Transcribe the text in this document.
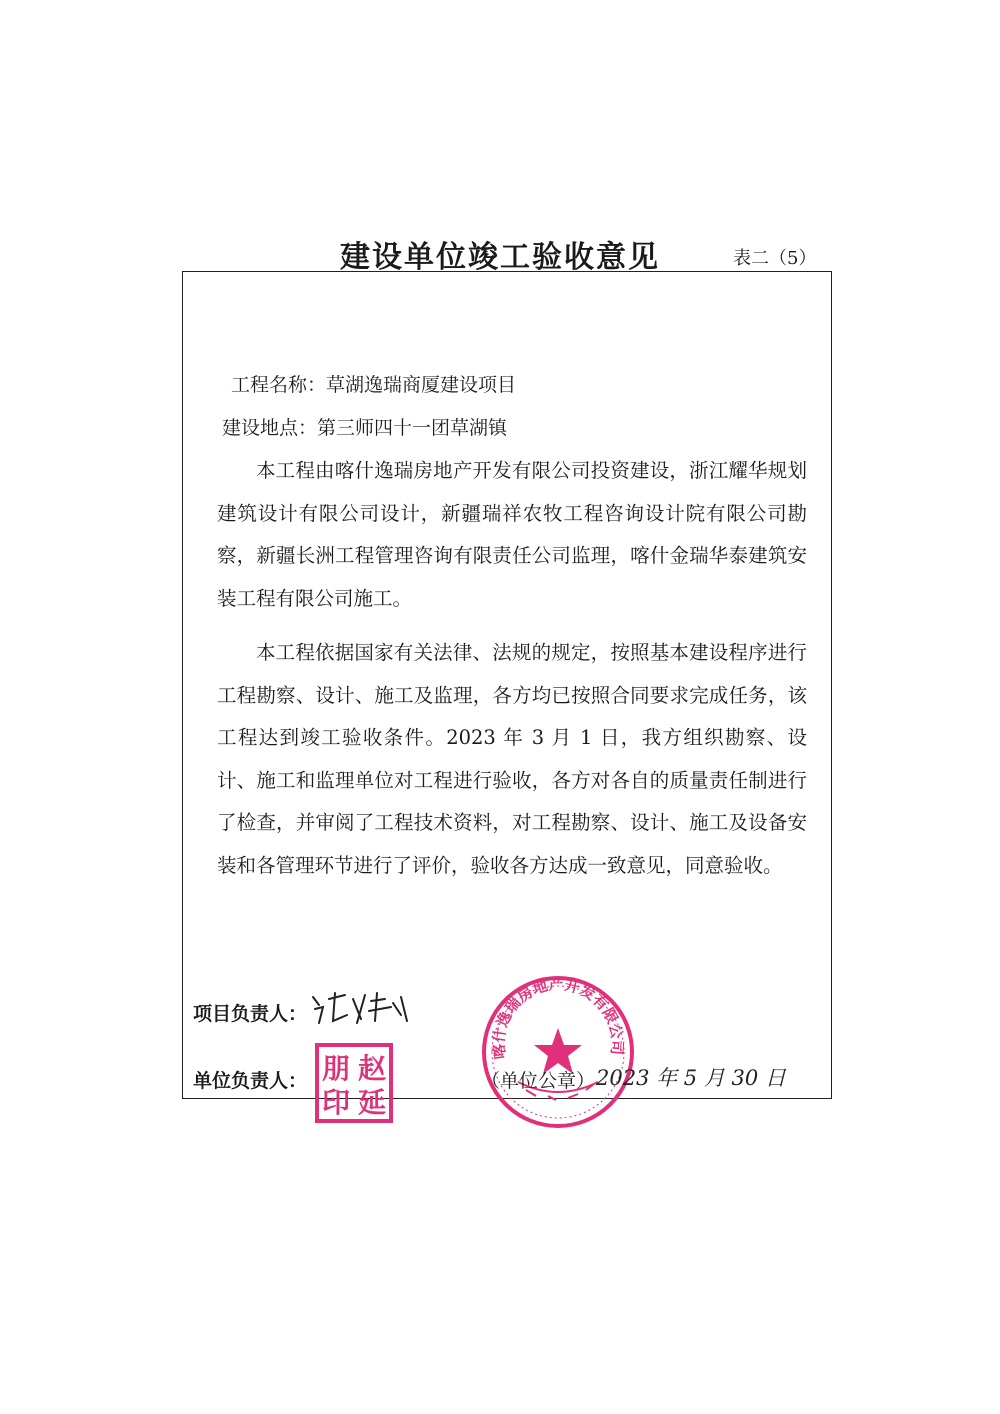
建设单位竣工验收意见	表二（5）
工程名称：草湖逸瑞商厦建设项目
建设地点：第三师四十一团草湖镇

本工程由喀什逸瑞房地产开发有限公司投资建设，浙江耀华规划建筑设计有限公司设计，新疆瑞祥农牧工程咨询设计院有限公司勘察，新疆长洲工程管理咨询有限责任公司监理，喀什金瑞华泰建筑安装工程有限公司施工。

本工程依据国家有关法律、法规的规定，按照基本建设程序进行工程勘察、设计、施工及监理，各方均已按照合同要求完成任务，该工程达到竣工验收条件。2023 年 3 月 1 日，我方组织勘察、设计、施工和监理单位对工程进行验收，各方对各自的质量责任制进行了检查，并审阅了工程技术资料，对工程勘察、设计、施工及设备安装和各管理环节进行了评价，验收各方达成一致意见，同意验收。

项目负责人：
单位负责人： 赵
延
朋
印
喀什逸瑞房地产开发有限公司
（单位公章） 2023 年 5 月 30 日
